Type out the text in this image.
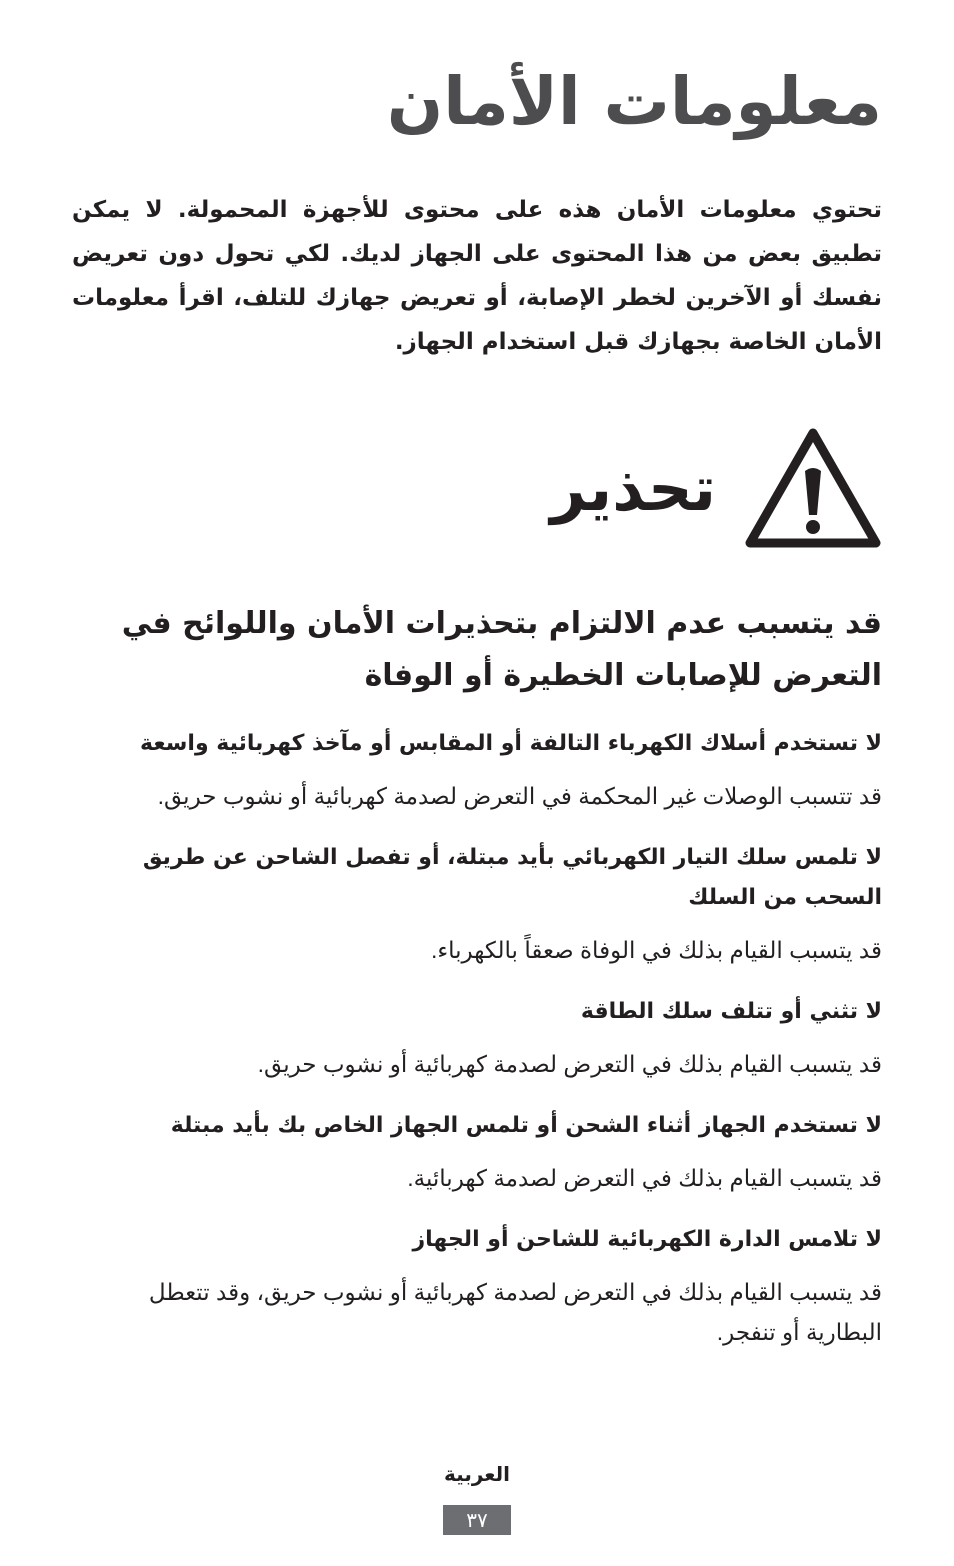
معلومات الأمان

تحتوي معلومات الأمان هذه على محتوى للأجهزة المحمولة. لا يمكن تطبيق بعض من هذا المحتوى على الجهاز لديك. لكي تحول دون تعريض نفسك أو الآخرين لخطر الإصابة، أو تعريض جهازك للتلف، اقرأ معلومات الأمان الخاصة بجهازك قبل استخدام الجهاز.

تحذير

قد يتسبب عدم الالتزام بتحذيرات الأمان واللوائح في التعرض للإصابات الخطيرة أو الوفاة

لا تستخدم أسلاك الكهرباء التالفة أو المقابس أو مآخذ كهربائية واسعة

قد تتسبب الوصلات غير المحكمة في التعرض لصدمة كهربائية أو نشوب حريق.

لا تلمس سلك التيار الكهربائي بأيد مبتلة، أو تفصل الشاحن عن طريق السحب من السلك

قد يتسبب القيام بذلك في الوفاة صعقاً بالكهرباء.

لا تثني أو تتلف سلك الطاقة

قد يتسبب القيام بذلك في التعرض لصدمة كهربائية أو نشوب حريق.

لا تستخدم الجهاز أثناء الشحن أو تلمس الجهاز الخاص بك بأيد مبتلة

قد يتسبب القيام بذلك في التعرض لصدمة كهربائية.

لا تلامس الدارة الكهربائية للشاحن أو الجهاز

قد يتسبب القيام بذلك في التعرض لصدمة كهربائية أو نشوب حريق، وقد تتعطل البطارية أو تنفجر.

العربية

٣٧
